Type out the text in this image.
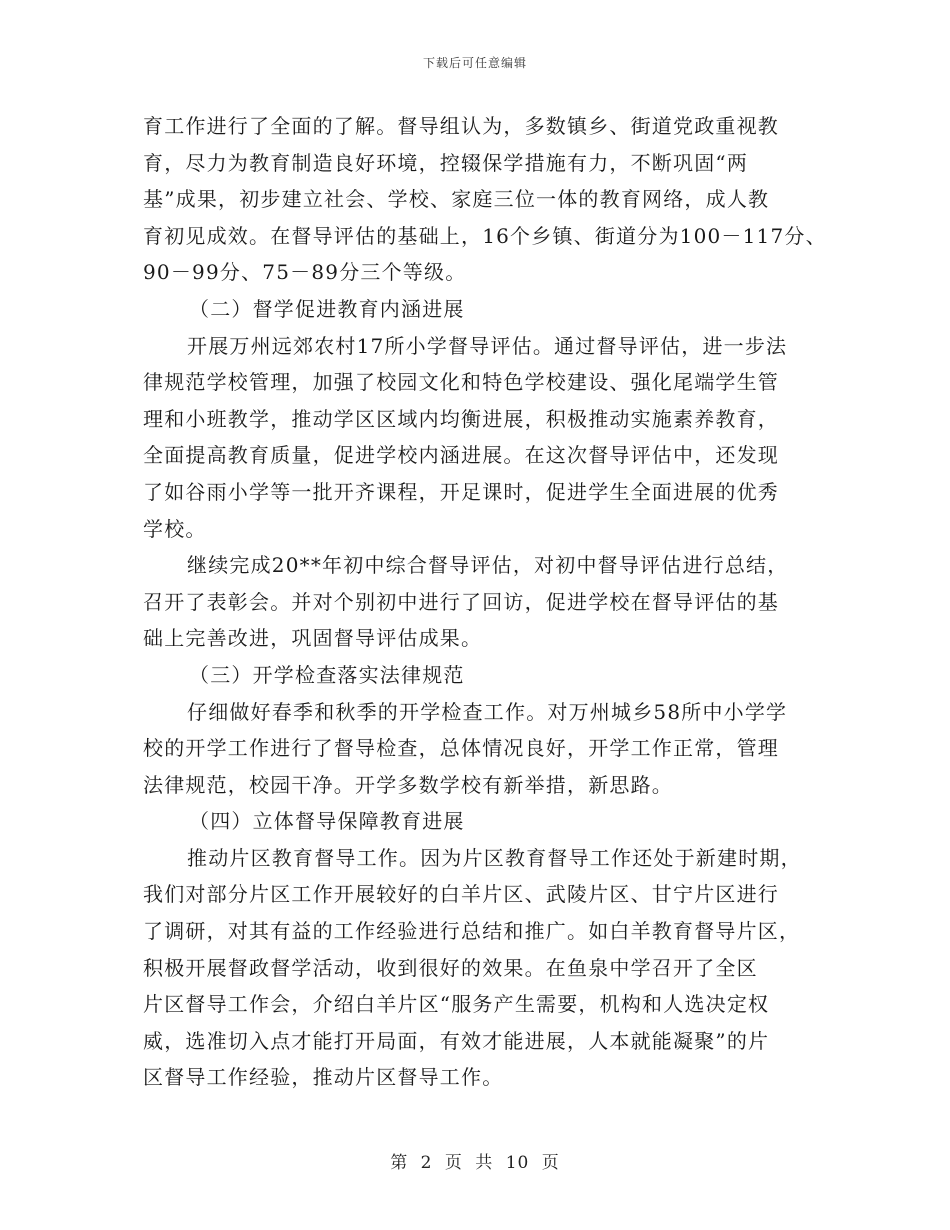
下载后可任意编辑
育工作进行了全面的了解。督导组认为，多数镇乡、街道党政重视教
育，尽力为教育制造良好环境，控辍保学措施有力，不断巩固“两
基”成果，初步建立社会、学校、家庭三位一体的教育网络，成人教
育初见成效。在督导评估的基础上，16个乡镇、街道分为100－117分、
90－99分、75－89分三个等级。
（二）督学促进教育内涵进展
开展万州远郊农村17所小学督导评估。通过督导评估，进一步法
律规范学校管理，加强了校园文化和特色学校建设、强化尾端学生管
理和小班教学，推动学区区域内均衡进展，积极推动实施素养教育，
全面提高教育质量，促进学校内涵进展。在这次督导评估中，还发现
了如谷雨小学等一批开齐课程，开足课时，促进学生全面进展的优秀
学校。
继续完成20**年初中综合督导评估，对初中督导评估进行总结，
召开了表彰会。并对个别初中进行了回访，促进学校在督导评估的基
础上完善改进，巩固督导评估成果。
（三）开学检查落实法律规范
仔细做好春季和秋季的开学检查工作。对万州城乡58所中小学学
校的开学工作进行了督导检查，总体情况良好，开学工作正常，管理
法律规范，校园干净。开学多数学校有新举措，新思路。
（四）立体督导保障教育进展
推动片区教育督导工作。因为片区教育督导工作还处于新建时期，
我们对部分片区工作开展较好的白羊片区、武陵片区、甘宁片区进行
了调研，对其有益的工作经验进行总结和推广。如白羊教育督导片区，
积极开展督政督学活动，收到很好的效果。在鱼泉中学召开了全区
片区督导工作会，介绍白羊片区“服务产生需要，机构和人选决定权
威，选准切入点才能打开局面，有效才能进展，人本就能凝聚”的片
区督导工作经验，推动片区督导工作。
第 2 页 共 10 页
